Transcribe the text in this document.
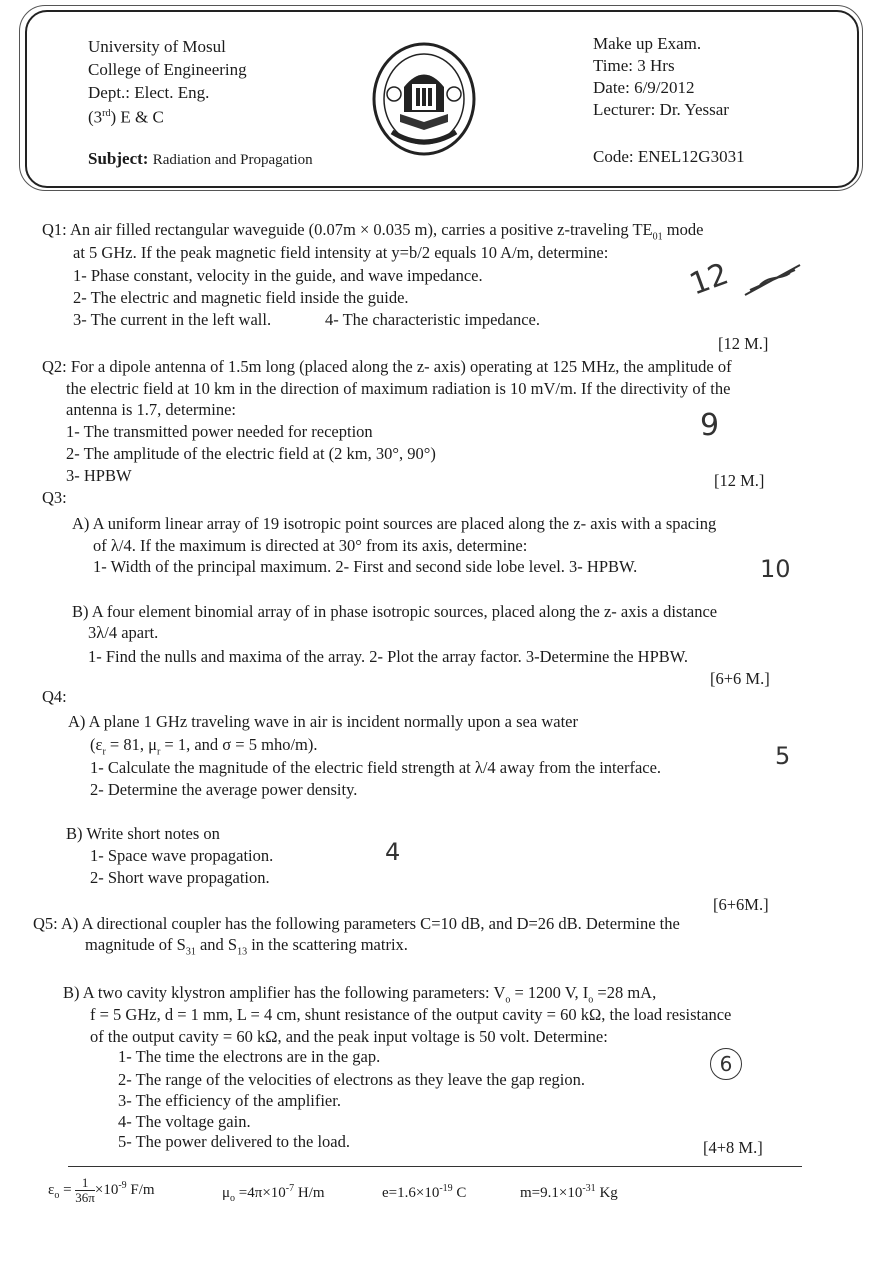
University of Mosul
College of Engineering
Dept.: Elect. Eng.
(3rd) E & C
Subject: Radiation and Propagation
Make up Exam.
Time: 3 Hrs
Date: 6/9/2012
Lecturer: Dr. Yessar
Code: ENEL12G3031
Q1: An air filled rectangular waveguide (0.07m × 0.035 m), carries a positive z-traveling $TE_{01}$ mode
at 5 GHz. If the peak magnetic field intensity at y=b/2 equals 10 A/m, determine:
1- Phase constant, velocity in the guide, and wave impedance.
2- The electric and magnetic field inside the guide.
3- The current in the left wall.	4- The characteristic impedance.
[12 M.]
12
Q2: For a dipole antenna of 1.5m long (placed along the z- axis) operating at 125 MHz, the amplitude of
the electric field at 10 km in the direction of maximum radiation is 10 mV/m. If the directivity of the
antenna is 1.7, determine:
1- The transmitted power needed for reception
2- The amplitude of the electric field at (2 km, 30°, 90°)
3- HPBW	[12 M.]
9
Q3:
A) A uniform linear array of 19 isotropic point sources are placed along the z- axis with a spacing
of λ/4. If the maximum is directed at 30° from its axis, determine:
1- Width of the principal maximum. 2- First and second side lobe level. 3- HPBW.	10
B) A four element binomial array of in phase isotropic sources, placed along the z- axis a distance
3λ/4 apart.
1- Find the nulls and maxima of the array. 2- Plot the array factor. 3-Determine the HPBW.
[6+6 M.]
Q4:
A) A plane 1 GHz traveling wave in air is incident normally upon a sea water
($\varepsilon_r = 81$, $\mu_r = 1$, and σ = 5 mho/m).
1- Calculate the magnitude of the electric field strength at λ/4 away from the interface.
2- Determine the average power density.
5
B) Write short notes on
1- Space wave propagation.
2- Short wave propagation.
4
[6+6M.]
Q5: A) A directional coupler has the following parameters C=10 dB, and D=26 dB. Determine the
magnitude of $S_{31}$ and $S_{13}$ in the scattering matrix.
B) A two cavity klystron amplifier has the following parameters: $V_o = 1200$ V, $I_o =28$ mA,
f = 5 GHz, d = 1 mm, L = 4 cm, shunt resistance of the output cavity = 60 kΩ, the load resistance
of the output cavity = 60 kΩ, and the peak input voltage is 50 volt. Determine:
1- The time the electrons are in the gap.
2- The range of the velocities of electrons as they leave the gap region.
3- The efficiency of the amplifier.
4- The voltage gain.
5- The power delivered to the load.	[4+8 M.]
6
$\varepsilon_o = \frac{1}{36\pi} \times 10^{-9}$ F/m	$\mu_o =4\pi\times 10^{-7}$ H/m	$e=1.6\times 10^{-19}$ C	$m=9.1\times 10^{-31}$ Kg
